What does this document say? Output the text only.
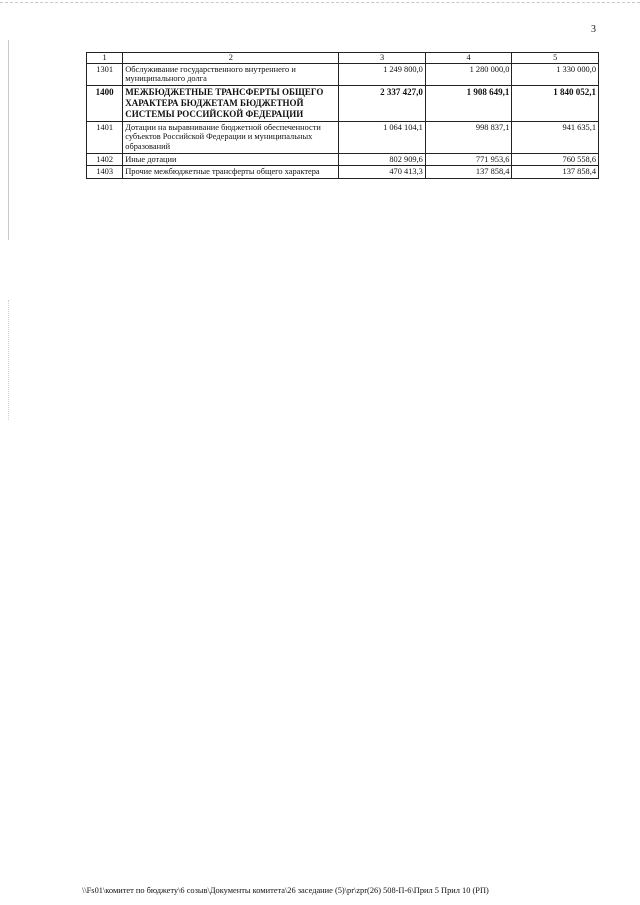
3
1	2	3	4	5
1301	Обслуживание государственного внутреннего и муниципального долга	1 249 800,0	1 280 000,0	1 330 000,0
1400	МЕЖБЮДЖЕТНЫЕ ТРАНСФЕРТЫ ОБЩЕГО ХАРАКТЕРА БЮДЖЕТАМ БЮДЖЕТНОЙ СИСТЕМЫ РОССИЙСКОЙ ФЕДЕРАЦИИ	2 337 427,0	1 908 649,1	1 840 052,1
1401	Дотации на выравнивание бюджетной обеспеченности субъектов Российской Федерации и муниципальных образований	1 064 104,1	998 837,1	941 635,1
1402	Иные дотации	802 909,6	771 953,6	760 558,6
1403	Прочие межбюджетные трансферты общего характера	470 413,3	137 858,4	137 858,4
\\Fs01\комитет по бюджету\6 созыв\Документы комитета\26 заседание (5)\pr\zpr(26) 508-П-6\Прил 5 Прил 10 (РП)
